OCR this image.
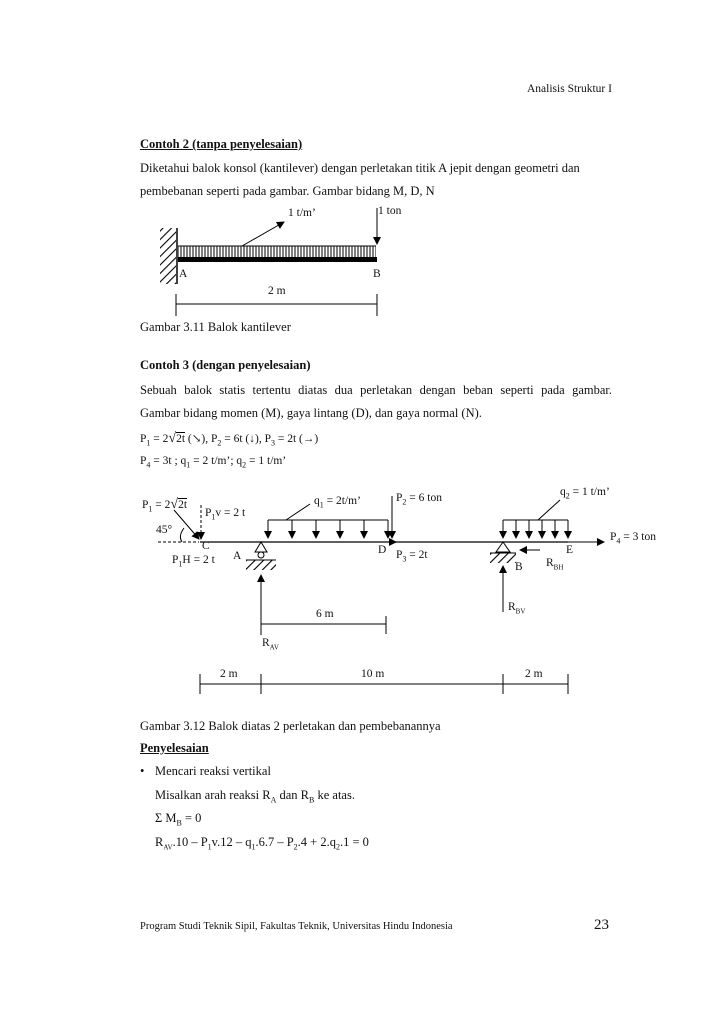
Analisis Struktur I
Contoh 2 (tanpa penyelesaian)
Diketahui balok konsol (kantilever) dengan perletakan titik A jepit dengan geometri dan
pembebanan seperti pada gambar. Gambar bidang M, D, N
1 t/m’	1 ton
A	B
2 m
Gambar 3.11 Balok kantilever
Contoh 3 (dengan penyelesaian)
Sebuah balok statis tertentu diatas dua perletakan dengan beban seperti pada gambar.
Gambar bidang momen (M), gaya lintang (D), dan gaya normal (N).
$P_1 = 2√2t$ (↘), $P_2 = 6t$ (↓), $P_3 = 2t$ (→)
$P_4 = 3t$ ; $q_1 = 2$ t/m’; $q_2 = 1$ t/m’
$P_1 = 2√2t$
$P_1v = 2$ t
45°
C
$P_1H = 2$ t A
$q_1 = 2t/m$’	$P_2 = 6$ ton
D $P_3 = 2t$
$q_2 = 1$ t/m’
$P_4 = 3$ ton
E
B $R_{BH}$
$R_{BV}$
6 m
$R_{AV}$
2 m	10 m	2 m
Gambar 3.12 Balok diatas 2 perletakan dan pembebanannya
Penyelesaian
• Mencari reaksi vertikal
Misalkan arah reaksi $R_A$ dan $R_B$ ke atas.
Σ $M_B = 0$
$R_{AV}.10 - P_1v.12 - q_1.6.7 - P_2.4 + 2.q_2.1 = 0$
Program Studi Teknik Sipil, Fakultas Teknik, Universitas Hindu Indonesia	23
